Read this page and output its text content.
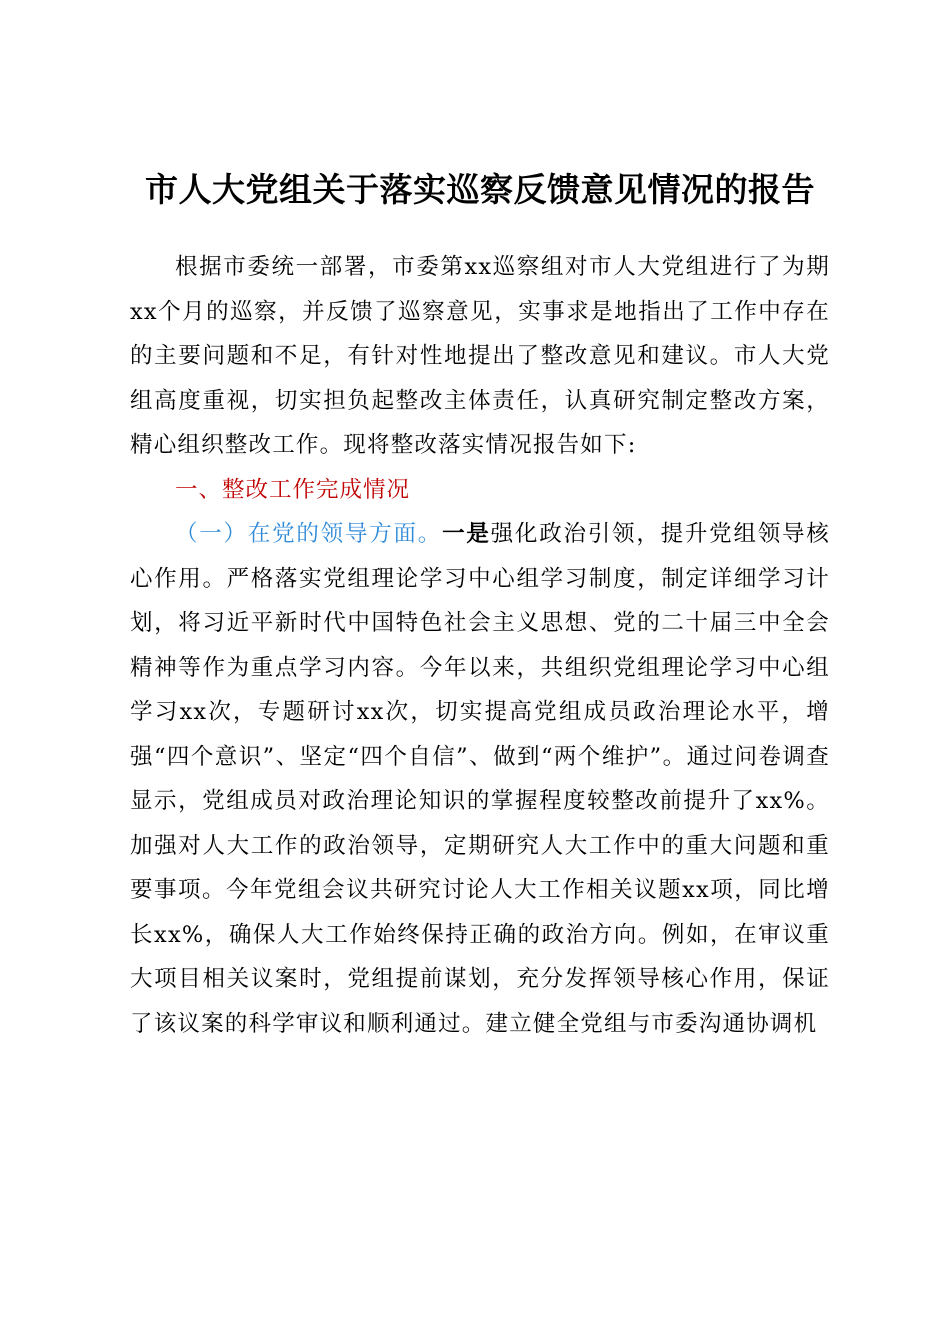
市人大党组关于落实巡察反馈意见情况的报告

根据市委统一部署，市委第xx巡察组对市人大党组进行了为期xx个月的巡察，并反馈了巡察意见，实事求是地指出了工作中存在的主要问题和不足，有针对性地提出了整改意见和建议。市人大党组高度重视，切实担负起整改主体责任，认真研究制定整改方案，精心组织整改工作。现将整改落实情况报告如下:

一、整改工作完成情况

（一）在党的领导方面。一是强化政治引领，提升党组领导核心作用。严格落实党组理论学习中心组学习制度，制定详细学习计划，将习近平新时代中国特色社会主义思想、党的二十届三中全会精神等作为重点学习内容。今年以来，共组织党组理论学习中心组学习xx次，专题研讨xx次，切实提高党组成员政治理论水平，增强“四个意识”、坚定“四个自信”、做到“两个维护”。通过问卷调查显示，党组成员对政治理论知识的掌握程度较整改前提升了xx%。加强对人大工作的政治领导，定期研究人大工作中的重大问题和重要事项。今年党组会议共研究讨论人大工作相关议题xx项，同比增长xx%，确保人大工作始终保持正确的政治方向。例如，在审议重大项目相关议案时，党组提前谋划，充分发挥领导核心作用，保证了该议案的科学审议和顺利通过。建立健全党组与市委沟通协调机
